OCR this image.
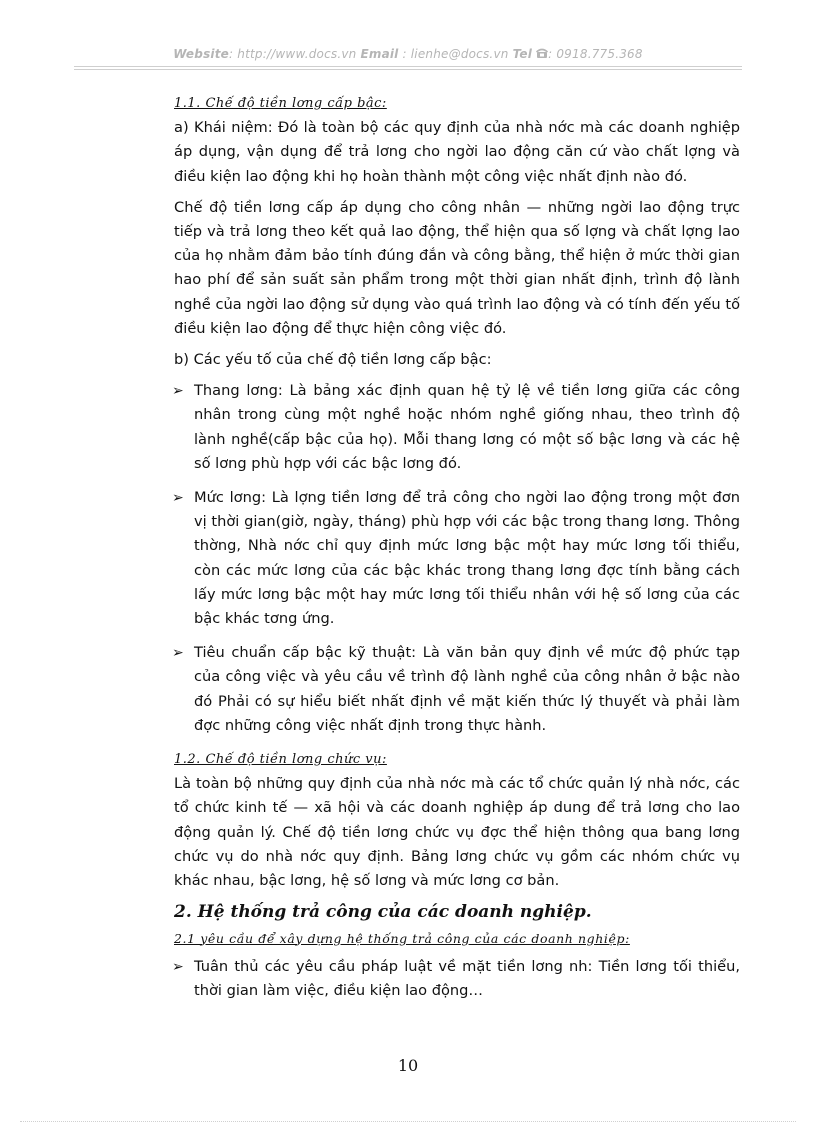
Website: http://www.docs.vn Email : lienhe@docs.vn Tel : 0918.775.368

1.1. Chế độ tiền lơng cấp bậc:

a) Khái niệm: Đó là toàn bộ các quy định của nhà nớc mà các doanh nghiệp áp dụng, vận dụng để trả lơng cho ngời lao động căn cứ vào chất lợng và điều kiện lao động khi họ hoàn thành một công việc nhất định nào đó.

Chế độ tiền lơng cấp áp dụng cho công nhân — những ngời lao động trực tiếp và trả lơng theo kết quả lao động, thể hiện qua số lợng và chất lợng lao của họ nhằm đảm bảo tính đúng đắn và công bằng, thể hiện ở mức thời gian hao phí để sản suất sản phẩm trong một thời gian nhất định, trình độ lành nghề của ngời lao động sử dụng vào quá trình lao động và có tính đến yếu tố điều kiện lao động để thực hiện công việc đó.

b) Các yếu tố của chế độ tiền lơng cấp bậc:

➢ Thang lơng: Là bảng xác định quan hệ tỷ lệ về tiền lơng giữa các công nhân trong cùng một nghề hoặc nhóm nghề giống nhau, theo trình độ lành nghề(cấp bậc của họ). Mỗi thang lơng có một số bậc lơng và các hệ số lơng phù hợp với các bậc lơng đó.
➢ Mức lơng: Là lợng tiền lơng để trả công cho ngời lao động trong một đơn vị thời gian(giờ, ngày, tháng) phù hợp với các bậc trong thang lơng. Thông thờng, Nhà nớc chỉ quy định mức lơng bậc một hay mức lơng tối thiểu, còn các mức lơng của các bậc khác trong thang lơng đợc tính bằng cách lấy mức lơng bậc một hay mức lơng tối thiểu nhân với hệ số lơng của các bậc khác tơng ứng.
➢ Tiêu chuẩn cấp bậc kỹ thuật: Là văn bản quy định về mức độ phức tạp của công việc và yêu cầu về trình độ lành nghề của công nhân ở bậc nào đó Phải có sự hiểu biết nhất định về mặt kiến thức lý thuyết và phải làm đợc những công việc nhất định trong thực hành.

1.2. Chế độ tiền lơng chức vụ:

Là toàn bộ những quy định của nhà nớc mà các tổ chức quản lý nhà nớc, các tổ chức kinh tế — xã hội và các doanh nghiệp áp dung để trả lơng cho lao động quản lý. Chế độ tiền lơng chức vụ đợc thể hiện thông qua bang lơng chức vụ do nhà nớc quy định. Bảng lơng chức vụ gồm các nhóm chức vụ khác nhau, bậc lơng, hệ số lơng và mức lơng cơ bản.

2. Hệ thống trả công của các doanh nghiệp.

2.1 yêu cầu để xây dựng hệ thống trả công của các doanh nghiệp:

➢ Tuân thủ các yêu cầu pháp luật về mặt tiền lơng nh: Tiền lơng tối thiểu, thời gian làm việc, điều kiện lao động…
10
